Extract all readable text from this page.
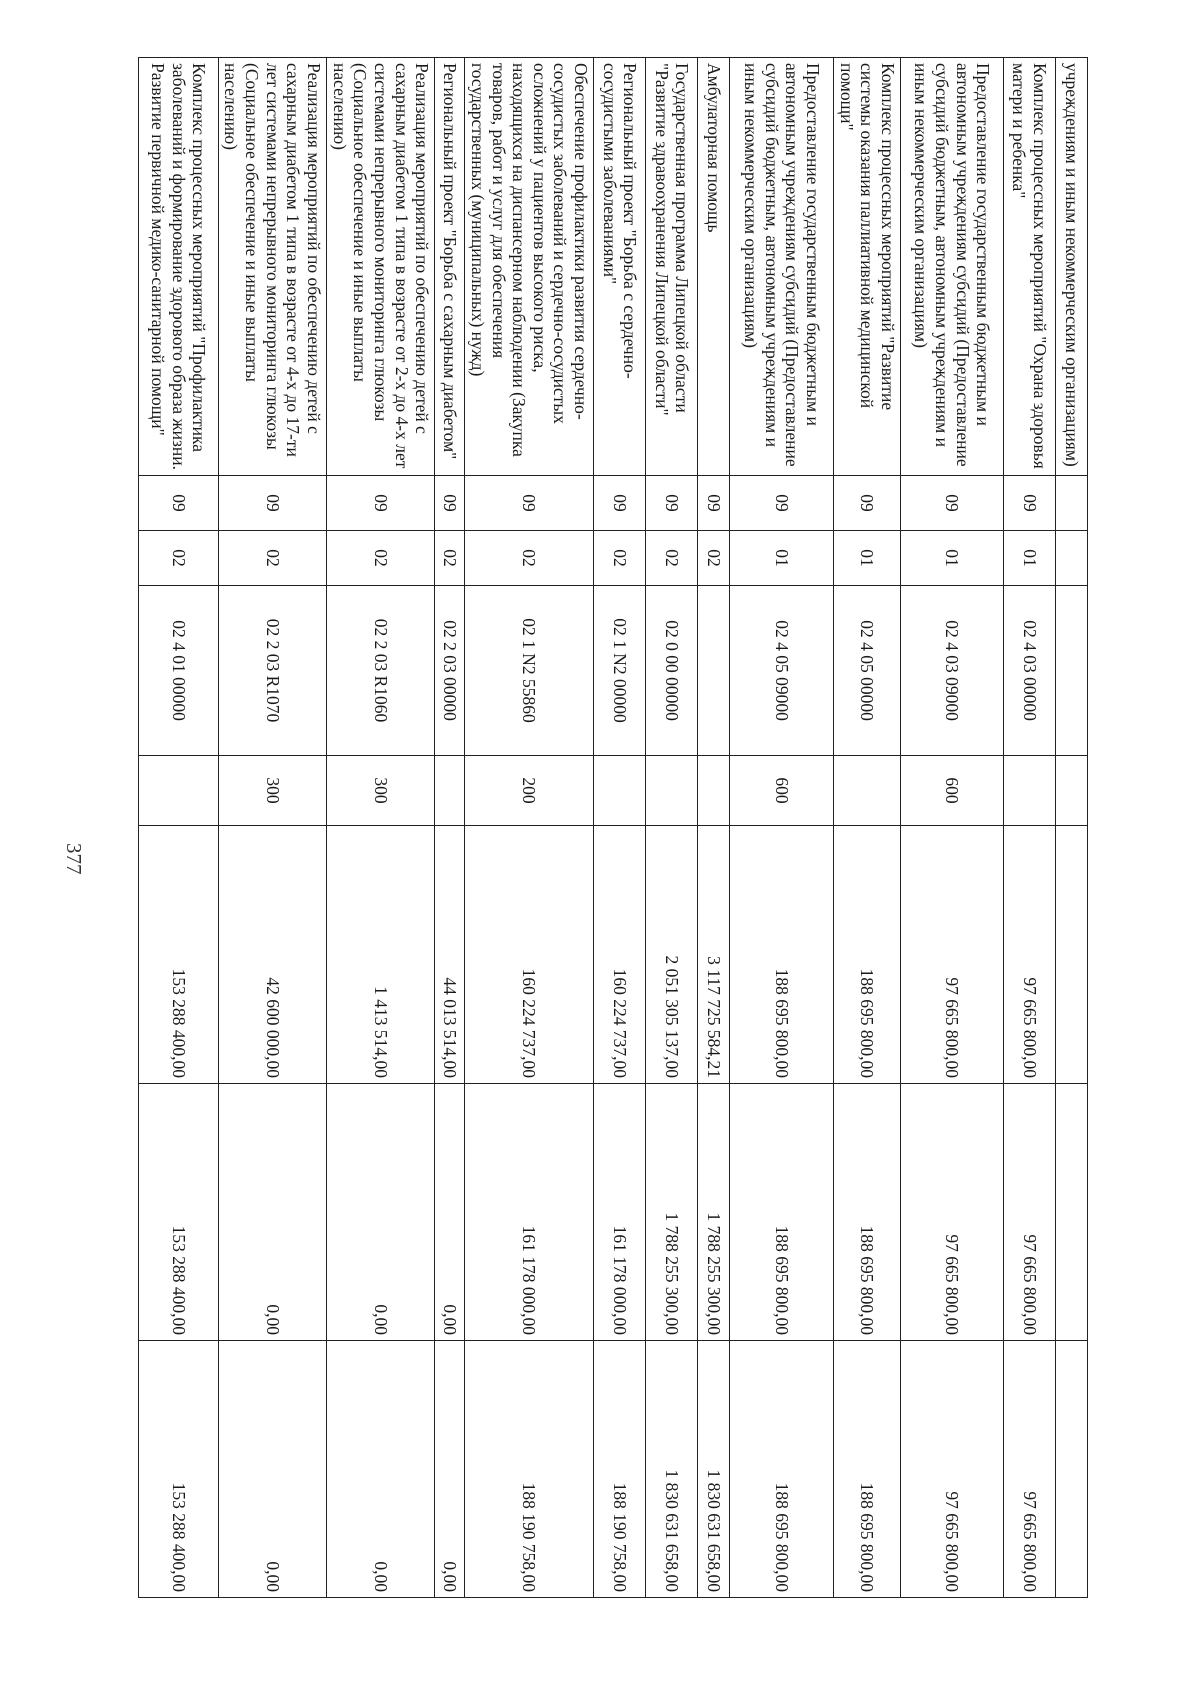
377
учреждениям и иным некоммерческим организациям)							
Комплекс процессных мероприятий "Охрана здоровья матери и ребенка"	09	01	02 4 03 00000		97 665 800,00	97 665 800,00	97 665 800,00
Предоставление государственным бюджетным и автономным учреждениям субсидий (Предоставление субсидий бюджетным, автономным учреждениям и иным некоммерческим организациям)	09	01	02 4 03 09000	600	97 665 800,00	97 665 800,00	97 665 800,00
Комплекс процессных мероприятий "Развитие системы оказания паллиативной медицинской помощи"	09	01	02 4 05 00000		188 695 800,00	188 695 800,00	188 695 800,00
Предоставление государственным бюджетным и автономным учреждениям субсидий (Предоставление субсидий бюджетным, автономным учреждениям и иным некоммерческим организациям)	09	01	02 4 05 09000	600	188 695 800,00	188 695 800,00	188 695 800,00
Амбулаторная помощь	09	02			3 117 725 584,21	1 788 255 300,00	1 830 631 658,00
Государственная программа Липецкой области "Развитие здравоохранения Липецкой области"	09	02	02 0 00 00000		2 051 305 137,00	1 788 255 300,00	1 830 631 658,00
Региональный проект "Борьба с сердечно-сосудистыми заболеваниями"	09	02	02 1 N2 00000		160 224 737,00	161 178 000,00	188 190 758,00
Обеспечение профилактики развития сердечно-сосудистых заболеваний и сердечно-сосудистых осложнений у пациентов высокого риска, находящихся на диспансерном наблюдении (Закупка товаров, работ и услуг для обеспечения государственных (муниципальных) нужд)	09	02	02 1 N2 55860	200	160 224 737,00	161 178 000,00	188 190 758,00
Региональный проект "Борьба с сахарным диабетом"	09	02	02 2 03 00000		44 013 514,00	0,00	0,00
Реализация мероприятий по обеспечению детей с сахарным диабетом 1 типа в возрасте от 2-х до 4-х лет системами непрерывного мониторинга глюкозы (Социальное обеспечение и иные выплаты населению)	09	02	02 2 03 R1060	300	1 413 514,00	0,00	0,00
Реализация мероприятий по обеспечению детей с сахарным диабетом 1 типа в возрасте от 4-х до 17-ти лет системами непрерывного мониторинга глюкозы (Социальное обеспечение и иные выплаты населению)	09	02	02 2 03 R1070	300	42 600 000,00	0,00	0,00
Комплекс процессных мероприятий "Профилактика заболеваний и формирование здорового образа жизни. Развитие первичной медико-санитарной помощи"	09	02	02 4 01 00000		153 288 400,00	153 288 400,00	153 288 400,00
